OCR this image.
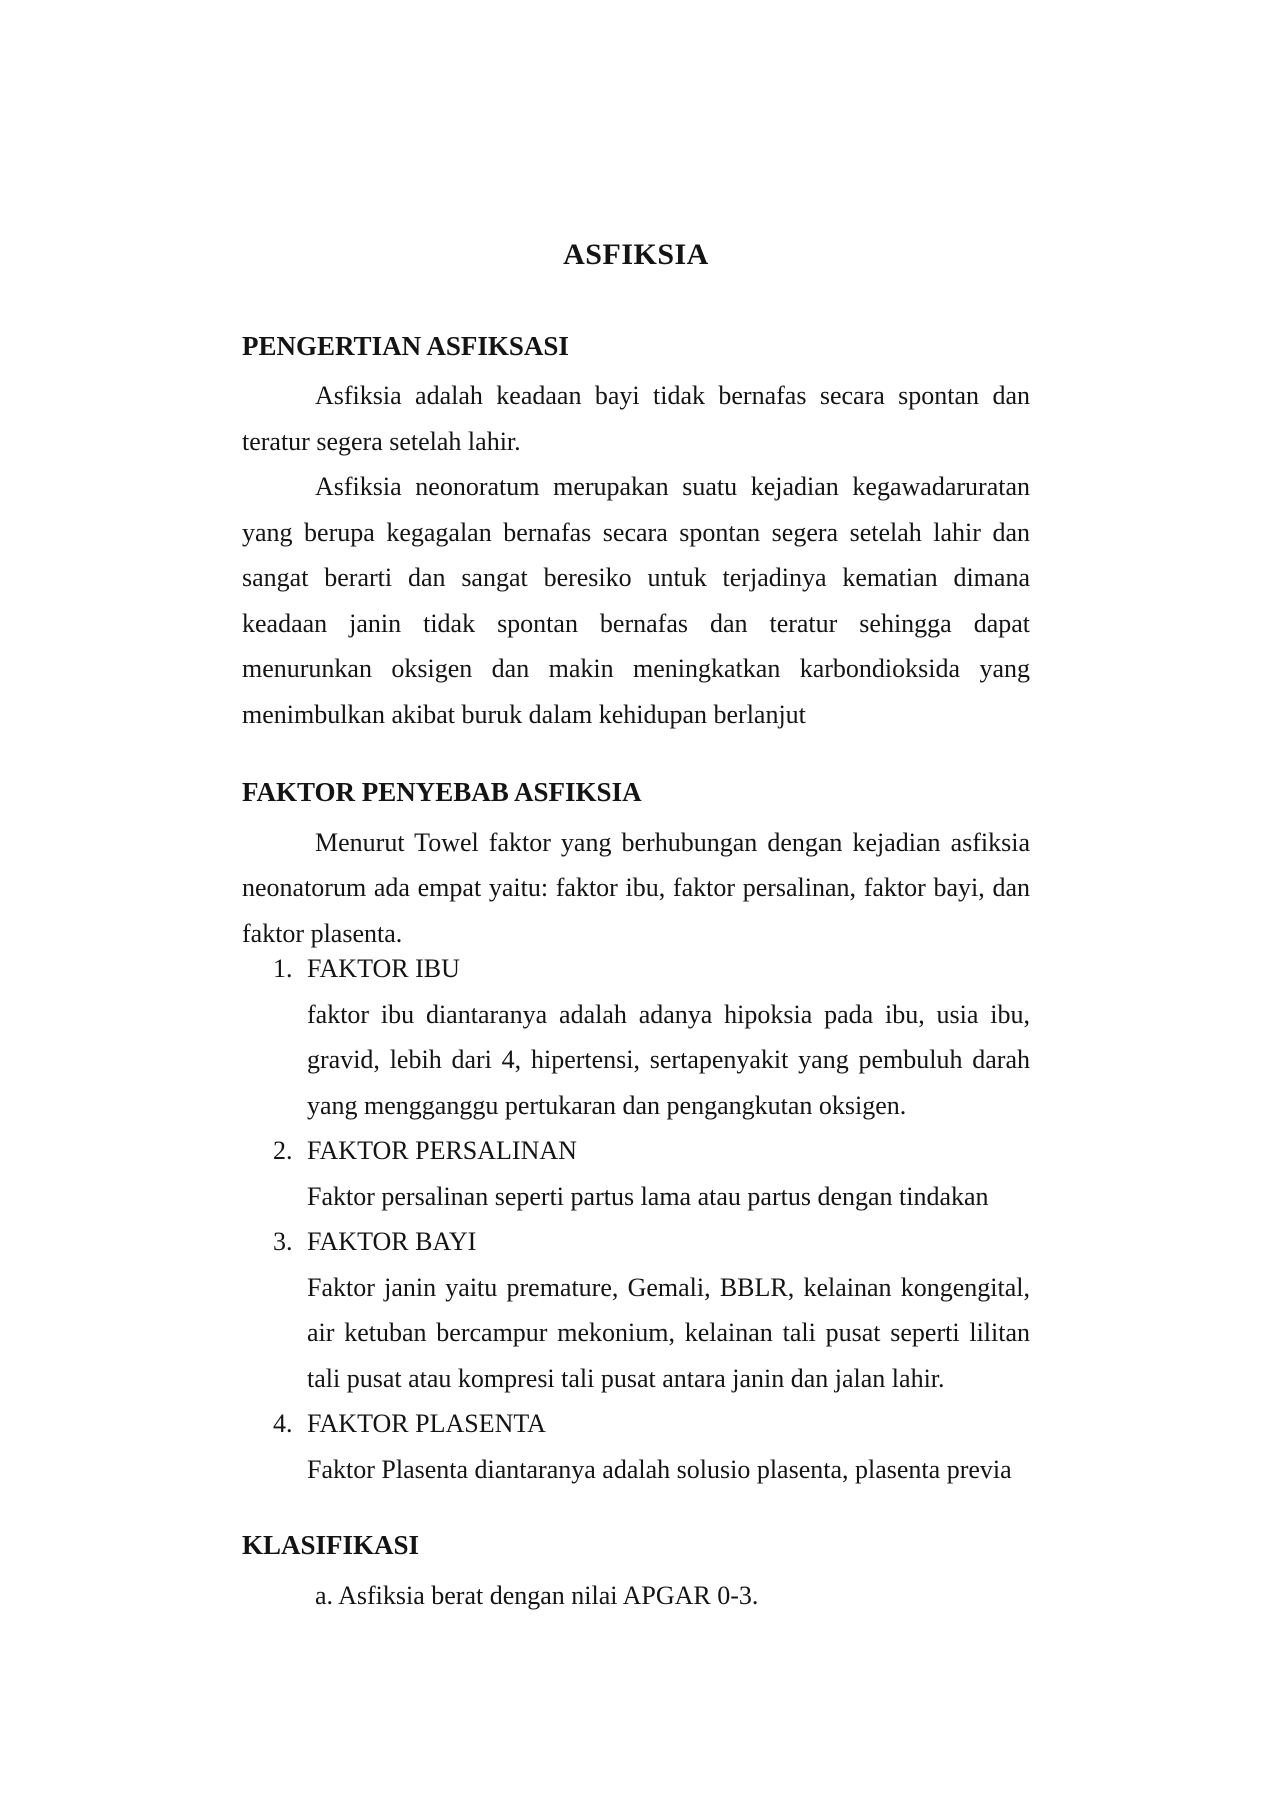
ASFIKSIA
PENGERTIAN ASFIKSASI
Asfiksia adalah keadaan bayi tidak bernafas secara spontan dan
teratur segera setelah lahir.
Asfiksia neonoratum merupakan suatu kejadian kegawadaruratan
yang berupa kegagalan bernafas secara spontan segera setelah lahir dan
sangat berarti dan sangat beresiko untuk terjadinya kematian dimana
keadaan janin tidak spontan bernafas dan teratur sehingga dapat
menurunkan oksigen dan makin meningkatkan karbondioksida yang
menimbulkan akibat buruk dalam kehidupan berlanjut
FAKTOR PENYEBAB ASFIKSIA
Menurut Towel faktor yang berhubungan dengan kejadian asfiksia
neonatorum ada empat yaitu: faktor ibu, faktor persalinan, faktor bayi, dan
faktor plasenta.
1. FAKTOR IBU
faktor ibu diantaranya adalah adanya hipoksia pada ibu, usia ibu,
gravid, lebih dari 4, hipertensi, sertapenyakit yang pembuluh darah
yang mengganggu pertukaran dan pengangkutan oksigen.
2. FAKTOR PERSALINAN
Faktor persalinan seperti partus lama atau partus dengan tindakan
3. FAKTOR BAYI
Faktor janin yaitu premature, Gemali, BBLR, kelainan kongengital,
air ketuban bercampur mekonium, kelainan tali pusat seperti lilitan
tali pusat atau kompresi tali pusat antara janin dan jalan lahir.
4. FAKTOR PLASENTA
Faktor Plasenta diantaranya adalah solusio plasenta, plasenta previa
KLASIFIKASI
a. Asfiksia berat dengan nilai APGAR 0-3.
